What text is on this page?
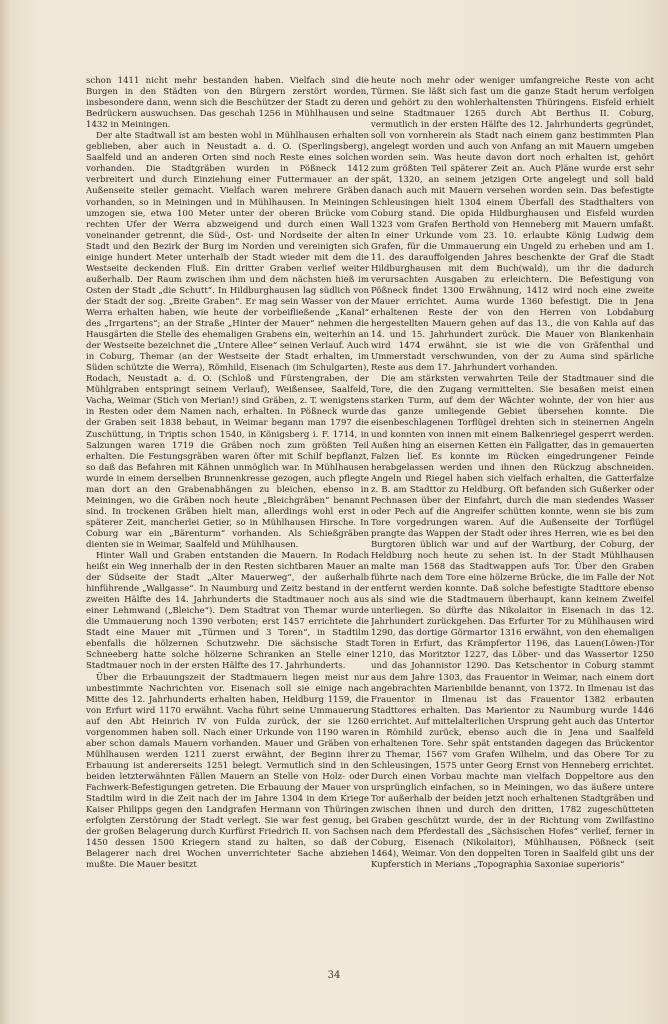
schon 1411 nicht mehr bestanden haben. Vielfach sind die Burgen in den Städten von den Bürgern zerstört worden, insbesondere dann, wenn sich die Beschützer der Stadt zu deren Bedrückern auswuchsen. Das geschah 1256 in Mühlhausen und 1432 in Meiningen.

Der alte Stadtwall ist am besten wohl in Mühlhausen erhalten geblieben, aber auch in Neustadt a. d. O. (Sperlingsberg), Saalfeld und an anderen Orten sind noch Reste eines solchen vorhanden. Die Stadtgräben wurden in Pößneck 1412 verbreitert und durch Einziehung einer Futtermauer an der Außenseite steiler gemacht. Vielfach waren mehrere Gräben vorhanden, so in Meiningen und in Mühlhausen. In Meiningen umzogen sie, etwa 100 Meter unter der oberen Brücke vom rechten Ufer der Werra abzweigend und durch einen Wall voneinander getrennt, die Süd-, Ost- und Nordseite der alten Stadt und den Bezirk der Burg im Norden und vereinigten sich einige hundert Meter unterhalb der Stadt wieder mit dem die Westseite deckenden Fluß. Ein dritter Graben verlief weiter außerhalb. Der Raum zwischen ihm und dem nächsten hieß im Osten der Stadt „die Schutt“. In Hildburghausen lag südlich von der Stadt der sog. „Breite Graben“. Er mag sein Wasser von der Werra erhalten haben, wie heute der vorbeifließende „Kanal“ des „Irrgartens“; an der Straße „Hinter der Mauer“ nehmen die Hausgärten die Stelle des ehemaligen Grabens ein, weiterhin an der Westseite bezeichnet die „Untere Allee“ seinen Verlauf. Auch in Coburg, Themar (an der Westseite der Stadt erhalten, im Süden schützte die Werra), Römhild, Eisenach (im Schulgarten), Rodach, Neustadt a. d. O. (Schloß und Fürstengraben, der Mühlgraben entspringt seinem Verlauf), Weißensee, Saalfeld, Vacha, Weimar (Stich von Merian!) sind Gräben, z. T. wenigstens in Resten oder dem Namen nach, erhalten. In Pößneck wurde der Graben seit 1838 bebaut, in Weimar begann man 1797 die Zuschüttung, in Triptis schon 1540, in Königsberg i. F. 1714, in Salzungen waren 1719 die Gräben noch zum größten Teil erhalten. Die Festungsgräben waren öfter mit Schilf bepflanzt, so daß das Befahren mit Kähnen unmöglich war. In Mühlhausen wurde in einem derselben Brunnenkresse gezogen, auch pflegte man dort an den Grabenabhängen zu bleichen, ebenso in Meiningen, wo die Gräben noch heute „Bleichgräben“ benannt sind. In trockenen Gräben hielt man, allerdings wohl erst in späterer Zeit, mancherlei Getier, so in Mühlhausen Hirsche. In Coburg war ein „Bärenturm“ vorhanden. Als Schießgräben dienten sie in Weimar, Saalfeld und Mühlhausen.

Hinter Wall und Graben entstanden die Mauern. In Rodach heißt ein Weg innerhalb der in den Resten sichtbaren Mauer an der Südseite der Stadt „Alter Mauerweg“, der außerhalb hinführende „Wallgasse“. In Naumburg und Zeitz bestand in der zweiten Hälfte des 14. Jahrhunderts die Stadtmauer noch aus einer Lehmwand („Bleiche“). Dem Stadtrat von Themar wurde die Ummauerung noch 1390 verboten; erst 1457 errichtete die Stadt eine Mauer mit „Türmen und 3 Toren“, in Stadtilm ebenfalls die hölzernen Schutzwehr. Die sächsische Stadt Schneeberg hatte solche hölzerne Schranken an Stelle einer Stadtmauer noch in der ersten Hälfte des 17. Jahrhunderts.

Über die Erbauungszeit der Stadtmauern liegen meist nur unbestimmte Nachrichten vor. Eisenach soll sie einige nach Mitte des 12. Jahrhunderts erhalten haben, Heldburg 1159, die von Erfurt wird 1170 erwähnt. Vacha führt seine Ummauerung auf den Abt Heinrich IV von Fulda zurück, der sie 1260 vorgenommen haben soll. Nach einer Urkunde von 1190 waren aber schon damals Mauern vorhanden. Mauer und Gräben von Mühlhausen werden 1211 zuerst erwähnt, der Beginn ihrer Erbauung ist andererseits 1251 belegt. Vermutlich sind in den beiden letzterwähnten Fällen Mauern an Stelle von Holz- oder Fachwerk-Befestigungen getreten. Die Erbauung der Mauer von Stadtilm wird in die Zeit nach der im Jahre 1304 in dem Kriege Kaiser Philipps gegen den Landgrafen Hermann von Thüringen erfolgten Zerstörung der Stadt verlegt. Sie war fest genug, bei der großen Belagerung durch Kurfürst Friedrich II. von Sachsen 1450 dessen 1500 Kriegern stand zu halten, so daß der Belagerer nach drei Wochen unverrichteter Sache abziehen mußte. Die Mauer besitzt

heute noch mehr oder weniger umfangreiche Reste von acht Türmen. Sie läßt sich fast um die ganze Stadt herum verfolgen und gehört zu den wohlerhaltensten Thüringens. Eisfeld erhielt seine Stadtmauer 1265 durch Abt Berthus II. Coburg, vermutlich in der ersten Hälfte des 12. Jahrhunderts gegründet, soll von vornherein als Stadt nach einem ganz bestimmten Plan angelegt worden und auch von Anfang an mit Mauern umgeben worden sein. Was heute davon dort noch erhalten ist, gehört zum größten Teil späterer Zeit an. Auch Pläne wurde erst sehr spät, 1320, an seinem jetzigen Orte angelegt und soll bald danach auch mit Mauern versehen worden sein. Das befestigte Schleusingen hielt 1304 einem Überfall des Stadthalters von Coburg stand. Die opida Hildburghausen und Eisfeld wurden 1323 vom Grafen Berthold von Henneberg mit Mauern umfaßt. In einer Urkunde vom 23. 10. erlaubte König Ludwig dem Grafen, für die Ummauerung ein Ungeld zu erheben und am 1. 11. des darauffolgenden Jahres beschenkte der Graf die Stadt Hildburghausen mit dem Buch(wald), um ihr die dadurch verursachten Ausgaben zu erleichtern. Die Befestigung von Pößneck findet 1300 Erwähnung, 1412 wird noch eine zweite Mauer errichtet. Auma wurde 1360 befestigt. Die in Jena erhaltenen Reste der von den Herren von Lobdaburg hergestellten Mauern gehen auf das 13., die von Kahla auf das 14. und 15. Jahrhundert zurück. Die Mauer von Blankenhain wird 1474 erwähnt, sie ist wie die von Gräfenthal und Ummerstadt verschwunden, von der zu Auma sind spärliche Reste aus dem 17. Jahrhundert vorhanden.

Die am stärksten verwahrten Teile der Stadtmauer sind die Tore, die den Zugang vermittelten. Sie besaßen meist einen starken Turm, auf dem der Wächter wohnte, der von hier aus das ganze umliegende Gebiet übersehen konnte. Die eisenbeschlagenen Torflügel drehten sich in steinernen Angeln und konnten von innen mit einem Balkenriegel gesperrt werden. Außen hing an eisernen Ketten ein Fallgatter, das in gemauerten Falzen lief. Es konnte im Rücken eingedrungener Feinde herabgelassen werden und ihnen den Rückzug abschneiden. Angeln und Riegel haben sich vielfach erhalten, die Gatterfalze z. B. am Stadttor zu Heldburg. Oft befanden sich Gußerker oder Pechnasen über der Einfahrt, durch die man siedendes Wasser oder Pech auf die Angreifer schütten konnte, wenn sie bis zum Tore vorgedrungen waren. Auf die Außenseite der Torflügel prangte das Wappen der Stadt oder ihres Herren, wie es bei den Burgtoren üblich war und auf der Wartburg, der Coburg, der Heldburg noch heute zu sehen ist. In der Stadt Mühlhausen malte man 1568 das Stadtwappen aufs Tor. Über den Graben führte nach dem Tore eine hölzerne Brücke, die im Falle der Not entfernt werden konnte. Daß solche befestigte Stadttore ebenso als sind wie die Stadtmauern überhaupt, kann keinem Zweifel unterliegen. So dürfte das Nikolaitor in Eisenach in das 12. Jahrhundert zurückgehen. Das Erfurter Tor zu Mühlhausen wird 1290, das dortige Görmartor 1316 erwähnt, von den ehemaligen Toren in Erfurt, das Krämpfertor 1196, das Lauen(Löwen-)Tor 1210, das Moritztor 1227, das Löber- und das Wassertor 1250 und das Johannistor 1290. Das Ketschentor in Coburg stammt aus dem Jahre 1303, das Frauentor in Weimar, nach einem dort angebrachten Marienbilde benannt, von 1372. In Ilmenau ist das Frauentor in Ilmenau ist das Frauentor 1382 erbauten Stadttores erhalten. Das Marientor zu Naumburg wurde 1446 errichtet. Auf mittelalterlichen Ursprung geht auch das Untertor in Römhild zurück, ebenso auch die in Jena und Saalfeld erhaltenen Tore. Sehr spät entstanden dagegen das Brückentor zu Themar, 1567 vom Grafen Wilhelm, und das Obere Tor zu Schleusingen, 1575 unter Georg Ernst von Henneberg errichtet. Durch einen Vorbau machte man vielfach Doppeltore aus den ursprünglich einfachen, so in Meiningen, wo das äußere untere Tor außerhalb der beiden jetzt noch erhaltenen Stadtgräben und zwischen ihnen und durch den dritten, 1782 zugeschütteten Graben geschützt wurde, der in der Richtung vom Zwilfastino nach dem Pferdestall des „Sächsischen Hofes“ verlief, ferner in Coburg, Eisenach (Nikolaitor), Mühlhausen, Pößneck (seit 1464), Weimar. Von den doppelten Toren in Saalfeld gibt uns der Kupferstich in Merians „Topographia Saxoniae superioris“

34
